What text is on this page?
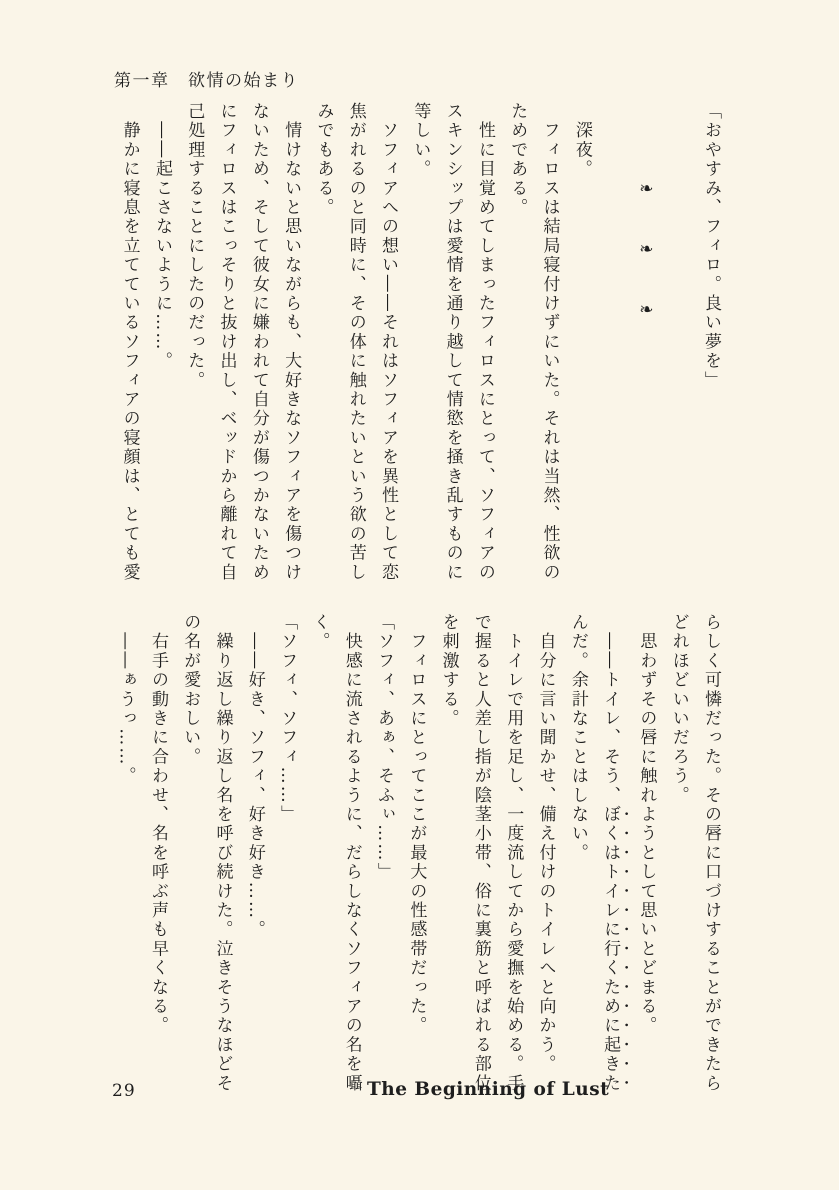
第一章　欲情の始まり

「おやすみ、フィロ。良い夢を」

　　　　❧　　❧　　❧

　深夜。

　フィロスは結局寝付けずにいた。それは当然、性欲の

ためである。

　性に目覚めてしまったフィロスにとって、ソフィアの

スキンシップは愛情を通り越して情慾を掻き乱すものに

等しい。

　ソフィアへの想い――それはソフィアを異性として恋

焦がれるのと同時に、その体に触れたいという欲の苦し

みでもある。

　情けないと思いながらも、大好きなソフィアを傷つけ

ないため、そして彼女に嫌われて自分が傷つかないため

にフィロスはこっそりと抜け出し、ベッドから離れて自

己処理することにしたのだった。

　――起こさないように……。

　静かに寝息を立てているソフィアの寝顔は、とても愛

らしく可憐だった。その唇に口づけすることができたら

どれほどいいだろう。

　思わずその唇に触れようとして思いとどまる。

　――トイレ、そう、ぼくはトイレに行くために起きた

んだ。余計なことはしない。

　自分に言い聞かせ、備え付けのトイレへと向かう。

　トイレで用を足し、一度流してから愛撫を始める。手

で握ると人差し指が陰茎小帯、俗に裏筋と呼ばれる部位

を刺激する。

　フィロスにとってここが最大の性感帯だった。

「ソフィ、あぁ、そふぃ……」

　快感に流されるように、だらしなくソフィアの名を囁

く。

「ソフィ、ソフィ……」

　――好き、ソフィ、好き好き……。

　繰り返し繰り返し名を呼び続けた。泣きそうなほどそ

の名が愛おしい。

　右手の動きに合わせ、名を呼ぶ声も早くなる。

　――ぁうっ……。

29	The Beginning of Lust
